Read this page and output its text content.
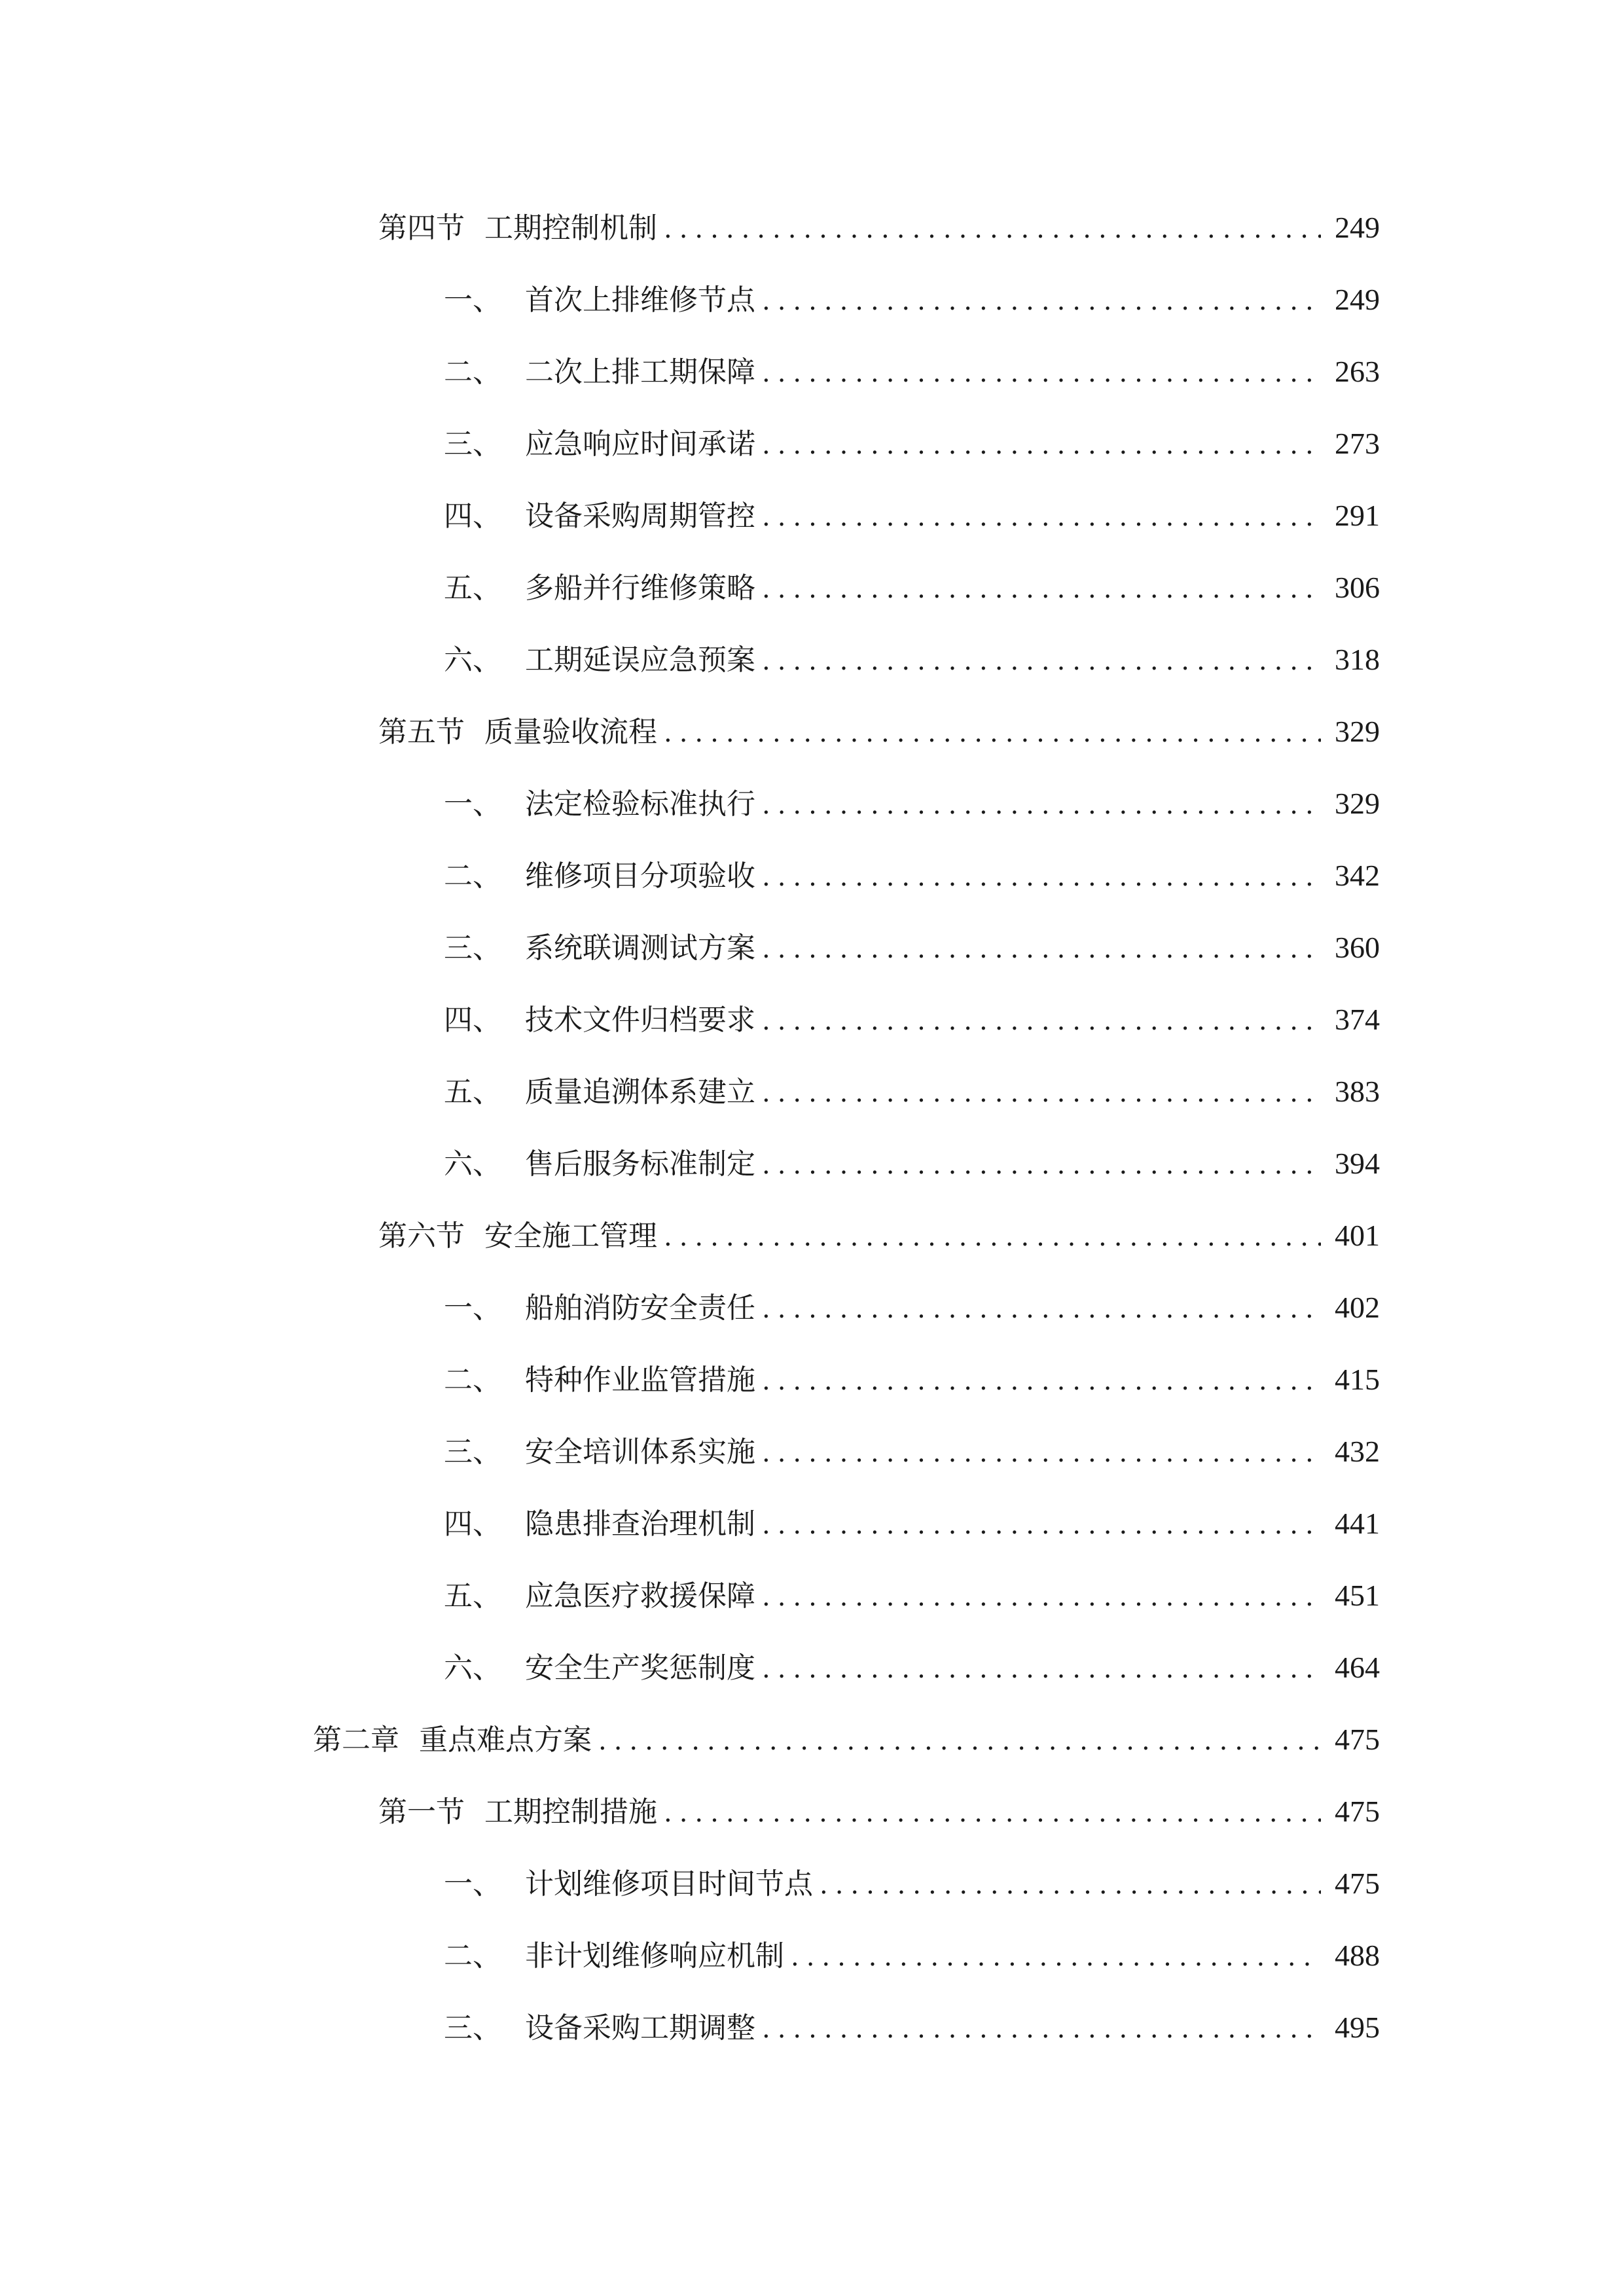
第四节 工期控制机制 .....	249
一、 首次上排维修节点 .....	249
二、 二次上排工期保障 .....	263
三、 应急响应时间承诺 .....	273
四、 设备采购周期管控 .....	291
五、 多船并行维修策略 .....	306
六、 工期延误应急预案 .....	318
第五节 质量验收流程 .....	329
一、 法定检验标准执行 .....	329
二、 维修项目分项验收 .....	342
三、 系统联调测试方案 .....	360
四、 技术文件归档要求 .....	374
五、 质量追溯体系建立 .....	383
六、 售后服务标准制定 .....	394
第六节 安全施工管理 .....	401
一、 船舶消防安全责任 .....	402
二、 特种作业监管措施 .....	415
三、 安全培训体系实施 .....	432
四、 隐患排查治理机制 .....	441
五、 应急医疗救援保障 .....	451
六、 安全生产奖惩制度 .....	464
第二章 重点难点方案 .....	475
第一节 工期控制措施 .....	475
一、 计划维修项目时间节点 .....	475
二、 非计划维修响应机制 .....	488
三、 设备采购工期调整 .....	495
